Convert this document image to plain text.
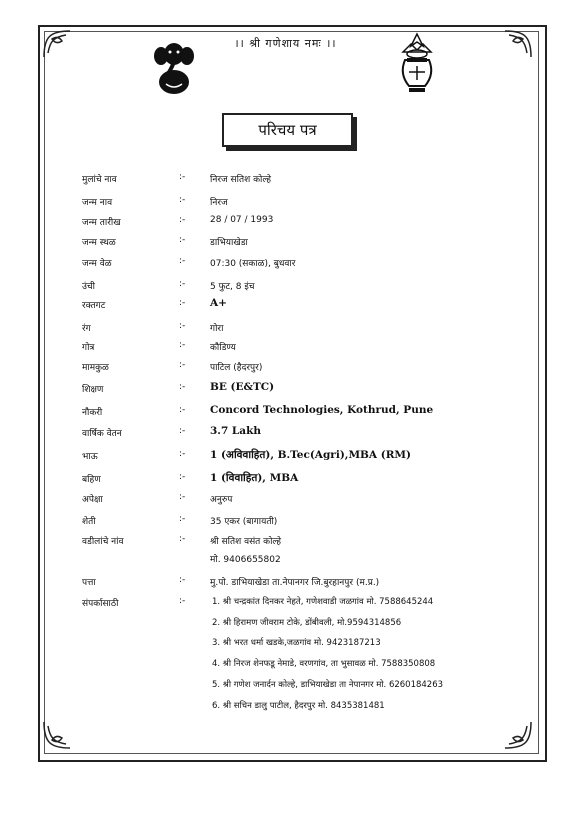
।। श्री गणेशाय नमः ।।
परिचय पत्र
मुलांचे नाव	:-	निरज सतिश कोल्हे
जन्म नाव	:-	निरज
जन्म तारीख	:-	28 / 07 / 1993
जन्म स्थळ	:-	डाभियाखेडा
जन्म वेळ	:-	07:30 (सकाळ), बुधवार
उंची	:-	5 फुट, 8 इंच
रक्तगट	:- A+
रंग	:-	गोरा
गोत्र	:-	कौडिण्य
मामकुळ	:-	पाटिल (हैदरपुर)
शिक्षण	:- BE (E&TC)
नौकरी	:- Concord Technologies, Kothrud, Pune
वार्षिक वेतन	:- 3.7 Lakh
भाऊ	:- 1 (अविवाहित), B.Tec(Agri),MBA (RM)
बहिण	:- 1 (विवाहित), MBA
अपेक्षा	:-	अनुरुप
शेती	:-	35 एकर (बागायती)
वडीलांचे नांव	:-	श्री सतिश वसंत कोल्हे
मो. 9406655802
पत्ता	:-	मु.पो. डाभियाखेडा ता.नेपानगर जि.बुरहानपुर (म.प्र.)
संपर्कासाठी	:-	1. श्री चन्द्रकांत दिनकर नेहते, गणेशवाडी जळगांव मो. 7588645244
2. श्री हिरामण जीवराम टोके, डोंबीवली, मो.9594314856
3. श्री भरत धर्मा खडके,जळगांव मो. 9423187213
4. श्री निरज शेनफडू नेमाडे, वरणगांव, ता भुसावळ मो. 7588350808
5. श्री गणेश जनार्दन कोल्हे, डाभियाखेडा ता नेपानगर मो. 6260184263
6. श्री सचिन डालु पाटील, हैदरपुर मो. 8435381481
